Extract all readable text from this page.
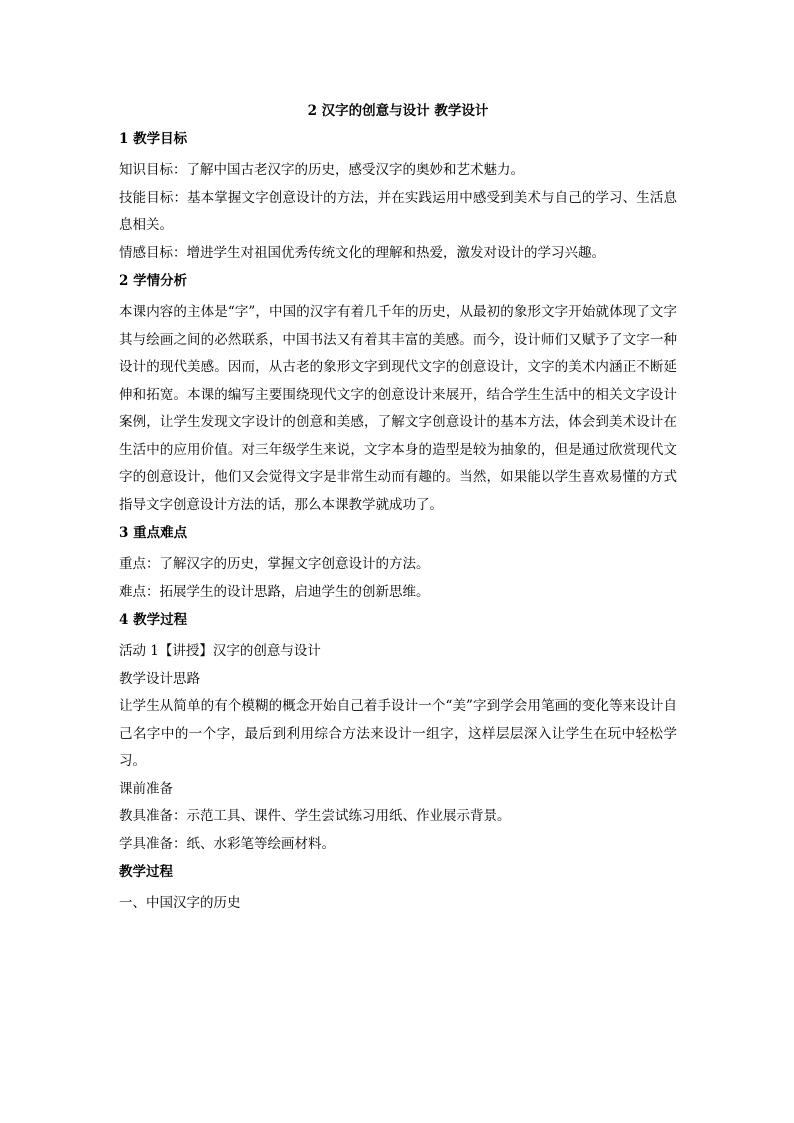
2 汉字的创意与设计 教学设计
1 教学目标

知识目标：了解中国古老汉字的历史，感受汉字的奥妙和艺术魅力。

技能目标：基本掌握文字创意设计的方法，并在实践运用中感受到美术与自己的学习、生活息息相关。

情感目标：增进学生对祖国优秀传统文化的理解和热爱，激发对设计的学习兴趣。

2 学情分析

本课内容的主体是“字”，中国的汉字有着几千年的历史，从最初的象形文字开始就体现了文字其与绘画之间的必然联系，中国书法又有着其丰富的美感。而今，设计师们又赋予了文字一种设计的现代美感。因而，从古老的象形文字到现代文字的创意设计，文字的美术内涵正不断延伸和拓宽。本课的编写主要围绕现代文字的创意设计来展开，结合学生生活中的相关文字设计案例，让学生发现文字设计的创意和美感，了解文字创意设计的基本方法，体会到美术设计在生活中的应用价值。对三年级学生来说，文字本身的造型是较为抽象的，但是通过欣赏现代文字的创意设计，他们又会觉得文字是非常生动而有趣的。当然，如果能以学生喜欢易懂的方式指导文字创意设计方法的话，那么本课教学就成功了。

3 重点难点

重点：了解汉字的历史，掌握文字创意设计的方法。

难点：拓展学生的设计思路，启迪学生的创新思维。

4 教学过程

活动 1【讲授】汉字的创意与设计

教学设计思路

让学生从简单的有个模糊的概念开始自己着手设计一个“美”字到学会用笔画的变化等来设计自己名字中的一个字，最后到利用综合方法来设计一组字，这样层层深入让学生在玩中轻松学习。

课前准备

教具准备：示范工具、课件、学生尝试练习用纸、作业展示背景。

学具准备：纸、水彩笔等绘画材料。

教学过程

一、中国汉字的历史
